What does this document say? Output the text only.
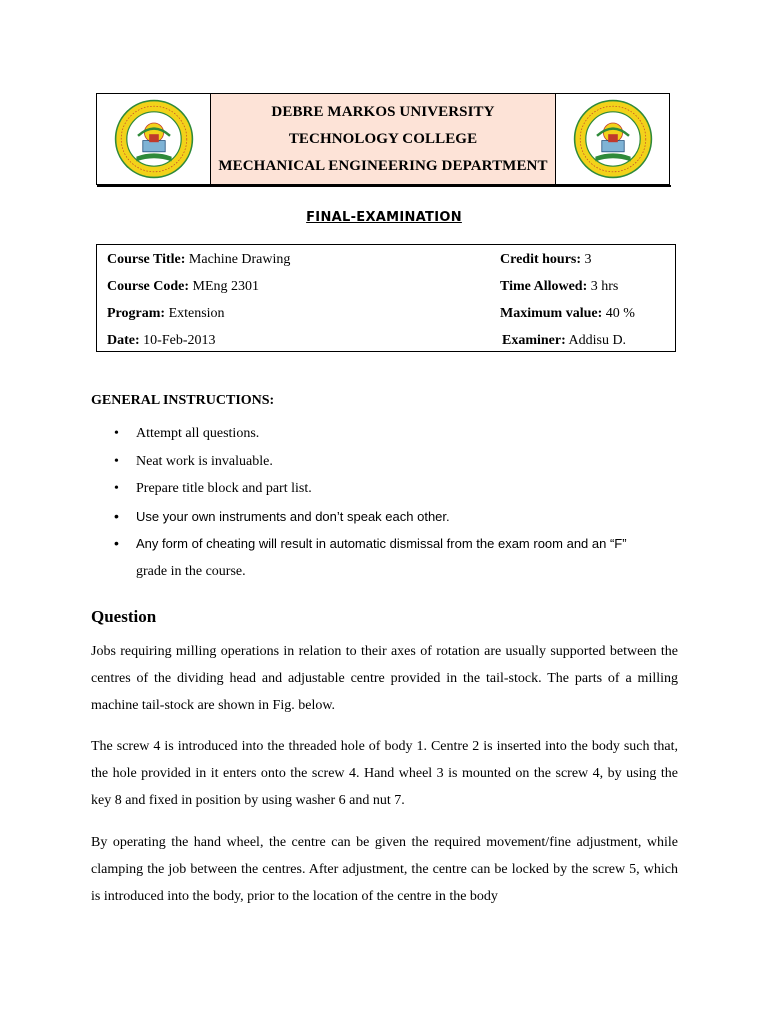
DEBRE MARKOS UNIVERSITY
TECHNOLOGY COLLEGE
MECHANICAL ENGINEERING DEPARTMENT
FINAL-EXAMINATION
Course Title: Machine Drawing
Course Code: MEng 2301
Program: Extension
Date: 10-Feb-2013
Credit hours: 3
Time Allowed: 3 hrs
Maximum value: 40 %
Examiner: Addisu D.
GENERAL INSTRUCTIONS:
• Attempt all questions.
• Neat work is invaluable.
• Prepare title block and part list.
• Use your own instruments and don’t speak each other.
• Any form of cheating will result in automatic dismissal from the exam room and an “F”
grade in the course.
Question
Jobs requiring milling operations in relation to their axes of rotation are usually supported between the centres of the dividing head and adjustable centre provided in the tail-stock. The parts of a milling machine tail-stock are shown in Fig. below.
The screw 4 is introduced into the threaded hole of body 1. Centre 2 is inserted into the body such that, the hole provided in it enters onto the screw 4. Hand wheel 3 is mounted on the screw 4, by using the key 8 and fixed in position by using washer 6 and nut 7.
By operating the hand wheel, the centre can be given the required movement/fine adjustment, while clamping the job between the centres. After adjustment, the centre can be locked by the screw 5, which is introduced into the body, prior to the location of the centre in the body
